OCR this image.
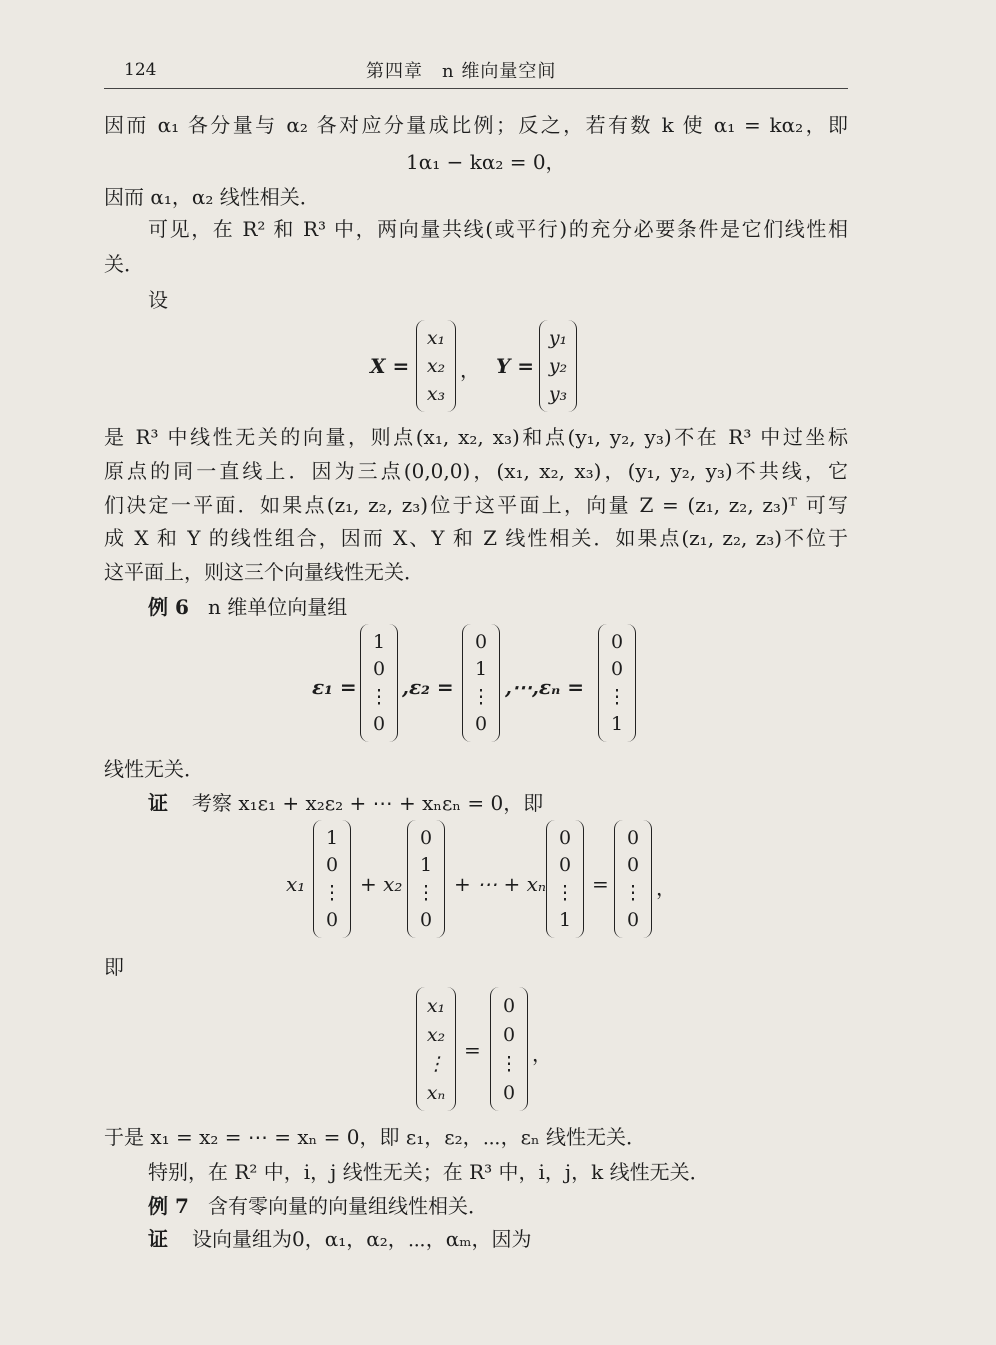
124	第四章　n 维向量空间
因而 α₁ 各分量与 α₂ 各对应分量成比例；反之，若有数 k 使 α₁ = kα₂，即
1α₁ − kα₂ = 0，
因而 α₁，α₂ 线性相关．
可见，在 R² 和 R³ 中，两向量共线(或平行)的充分必要条件是它们线性相
关．
设
X =
x₁
x₂
x₃
， Y =
y₁
y₂
y₃
是 R³ 中线性无关的向量，则点(x₁, x₂, x₃)和点(y₁, y₂, y₃)不在 R³ 中过坐标
原点的同一直线上．因为三点(0,0,0)，(x₁, x₂, x₃)，(y₁, y₂, y₃)不共线，它
们决定一平面．如果点(z₁, z₂, z₃)位于这平面上，向量 Z = (z₁, z₂, z₃)ᵀ 可写
成 X 和 Y 的线性组合，因而 X、Y 和 Z 线性相关．如果点(z₁, z₂, z₃)不位于
这平面上，则这三个向量线性无关．
例 6 n 维单位向量组
ε₁ =
1
0
⋮
0
,ε₂ =
0
1
⋮
0
,⋯,εₙ =
0
0
⋮
1
线性无关．
证 考察 x₁ε₁ + x₂ε₂ + ⋯ + xₙεₙ = 0，即
x₁
1
0
⋮
0
+ x₂
0
1
⋮
0
+ ⋯ + xₙ
0
0
⋮
1
=
0
0
⋮
0
，
即
x₁
x₂
⋮
xₙ
=
0
0
⋮
0
，
于是 x₁ = x₂ = ⋯ = xₙ = 0，即 ε₁，ε₂，⋯，εₙ 线性无关．
特别，在 R² 中，i，j 线性无关；在 R³ 中，i，j，k 线性无关．
例 7 含有零向量的向量组线性相关．
证 设向量组为0，α₁，α₂，⋯，αₘ，因为
